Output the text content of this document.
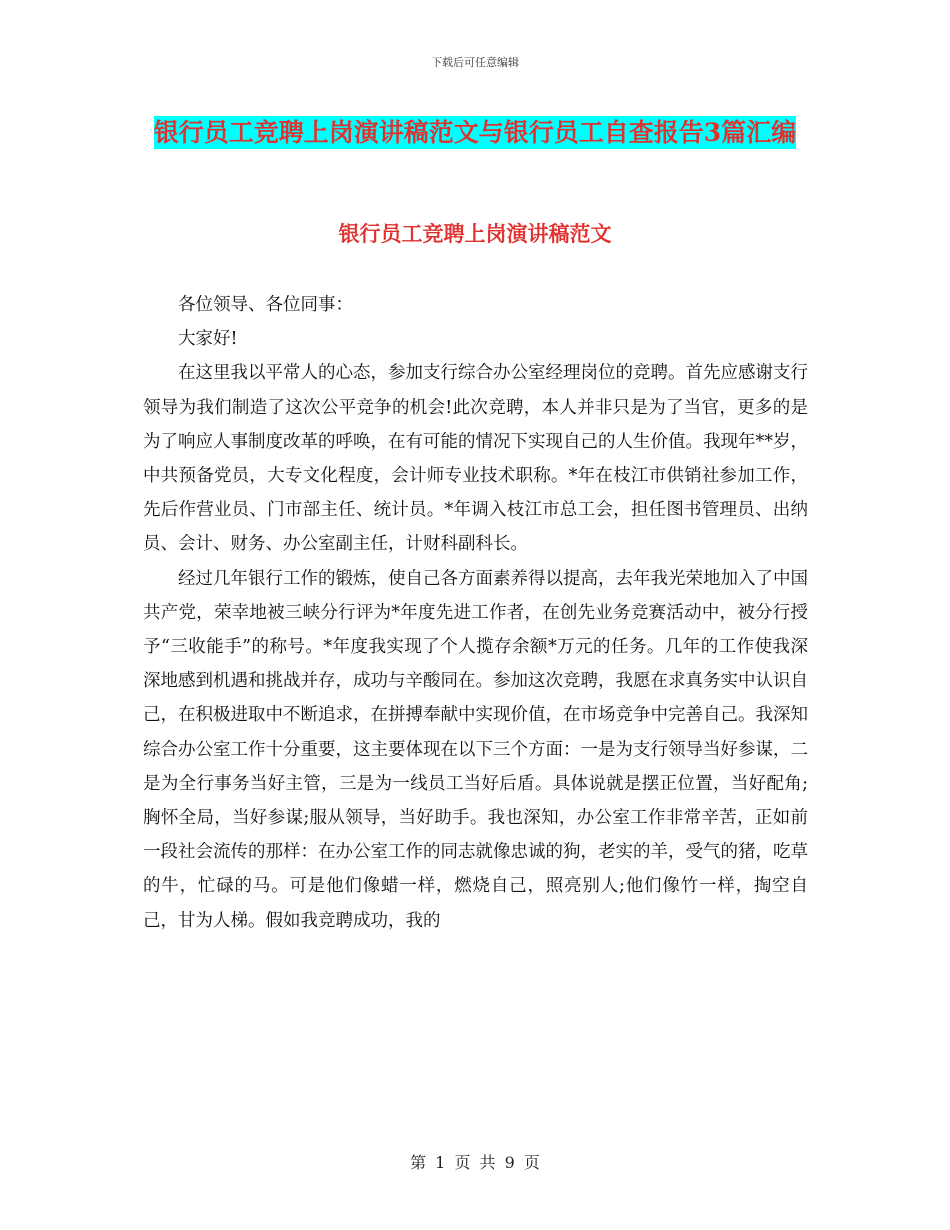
下载后可任意编辑
银行员工竞聘上岗演讲稿范文与银行员工自查报告3篇汇编
银行员工竞聘上岗演讲稿范文

各位领导、各位同事：

大家好!

在这里我以平常人的心态，参加支行综合办公室经理岗位的竞聘。首先应感谢支行领导为我们制造了这次公平竞争的机会!此次竞聘，本人并非只是为了当官，更多的是为了响应人事制度改革的呼唤，在有可能的情况下实现自己的人生价值。我现年**岁，中共预备党员，大专文化程度，会计师专业技术职称。*年在枝江市供销社参加工作，先后作营业员、门市部主任、统计员。*年调入枝江市总工会，担任图书管理员、出纳员、会计、财务、办公室副主任，计财科副科长。

经过几年银行工作的锻炼，使自己各方面素养得以提高，去年我光荣地加入了中国共产党，荣幸地被三峡分行评为*年度先进工作者，在创先业务竞赛活动中，被分行授予“三收能手”的称号。*年度我实现了个人揽存余额*万元的任务。几年的工作使我深深地感到机遇和挑战并存，成功与辛酸同在。参加这次竞聘，我愿在求真务实中认识自己，在积极进取中不断追求，在拼搏奉献中实现价值，在市场竞争中完善自己。我深知综合办公室工作十分重要，这主要体现在以下三个方面：一是为支行领导当好参谋，二是为全行事务当好主管，三是为一线员工当好后盾。具体说就是摆正位置，当好配角;胸怀全局，当好参谋;服从领导，当好助手。我也深知，办公室工作非常辛苦，正如前一段社会流传的那样：在办公室工作的同志就像忠诚的狗，老实的羊，受气的猪，吃草的牛，忙碌的马。可是他们像蜡一样，燃烧自己，照亮别人;他们像竹一样，掏空自己，甘为人梯。假如我竞聘成功，我的

第 1 页 共 9 页
